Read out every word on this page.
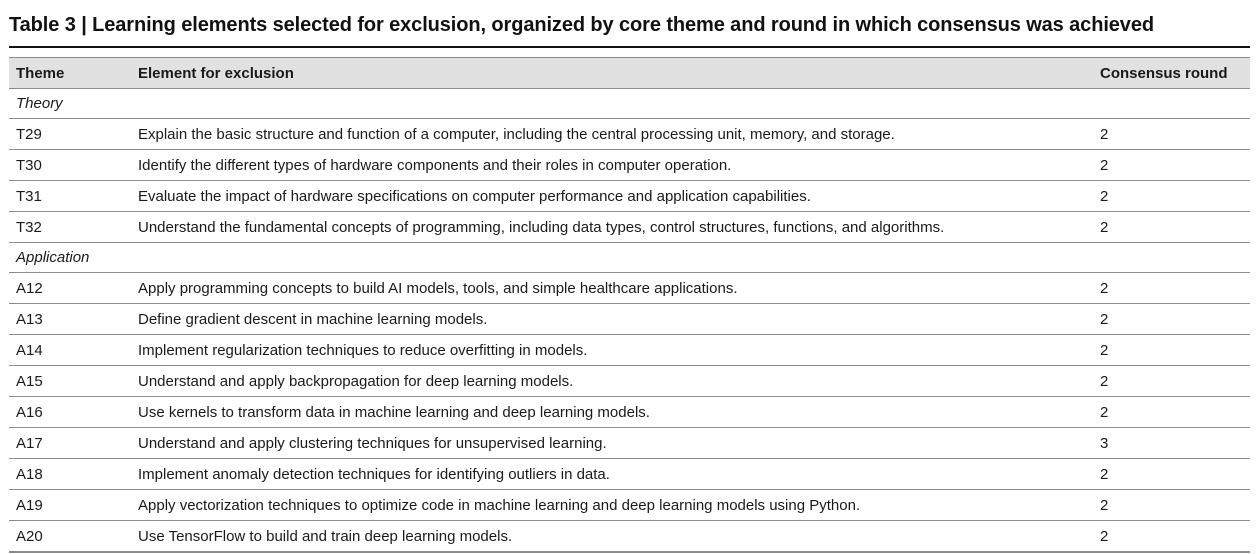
Table 3 | Learning elements selected for exclusion, organized by core theme and round in which consensus was achieved
Theme	Element for exclusion	Consensus round
Theory		
T29	Explain the basic structure and function of a computer, including the central processing unit, memory, and storage.	2
T30	Identify the different types of hardware components and their roles in computer operation.	2
T31	Evaluate the impact of hardware specifications on computer performance and application capabilities.	2
T32	Understand the fundamental concepts of programming, including data types, control structures, functions, and algorithms.	2
Application		
A12	Apply programming concepts to build AI models, tools, and simple healthcare applications.	2
A13	Define gradient descent in machine learning models.	2
A14	Implement regularization techniques to reduce overfitting in models.	2
A15	Understand and apply backpropagation for deep learning models.	2
A16	Use kernels to transform data in machine learning and deep learning models.	2
A17	Understand and apply clustering techniques for unsupervised learning.	3
A18	Implement anomaly detection techniques for identifying outliers in data.	2
A19	Apply vectorization techniques to optimize code in machine learning and deep learning models using Python.	2
A20	Use TensorFlow to build and train deep learning models.	2
